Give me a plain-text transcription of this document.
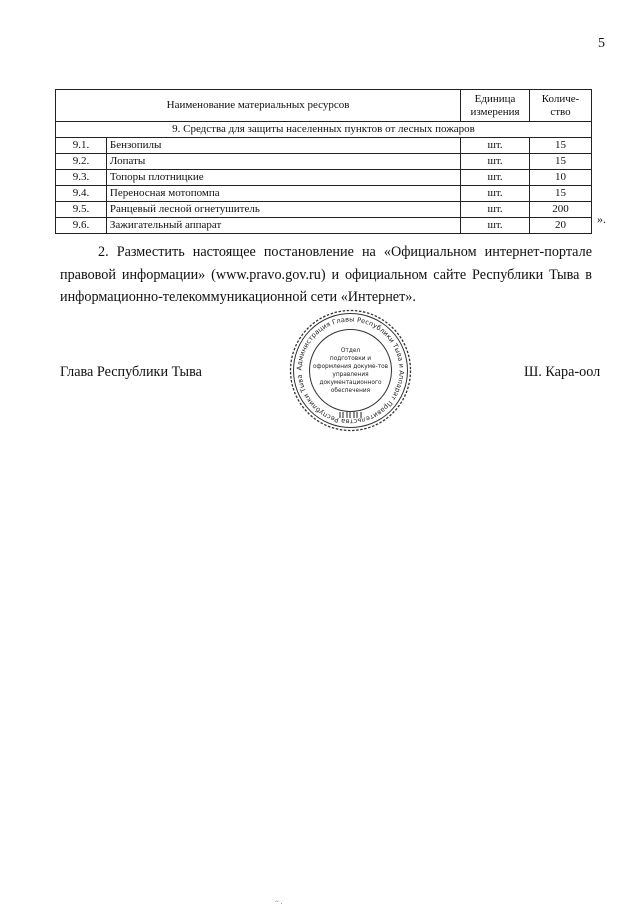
5
Наименование материальных ресурсов		Единица измерения	Количе-ство
9. Средства для защиты населенных пунктов от лесных пожаров			
9.1.	Бензопилы	шт.	15
9.2.	Лопаты	шт.	15
9.3.	Топоры плотницкие	шт.	10
9.4.	Переносная мотопомпа	шт.	15
9.5.	Ранцевый лесной огнетушитель	шт.	200
9.6.	Зажигательный аппарат	шт.	20	».

2. Разместить настоящее постановление на «Официальном интернет-портале правовой информации» (www.pravo.gov.ru) и официальном сайте Республики Тыва в информационно-телекоммуникационной сети «Интернет».

Глава Республики Тыва	Ш. Кара-оол
Администрация Главы Республики Тыва и Аппарат Правительства Республики Тыва
Отдел
подготовки и
оформления докуме-тов
управления
документационного
обеспечения
~ .
